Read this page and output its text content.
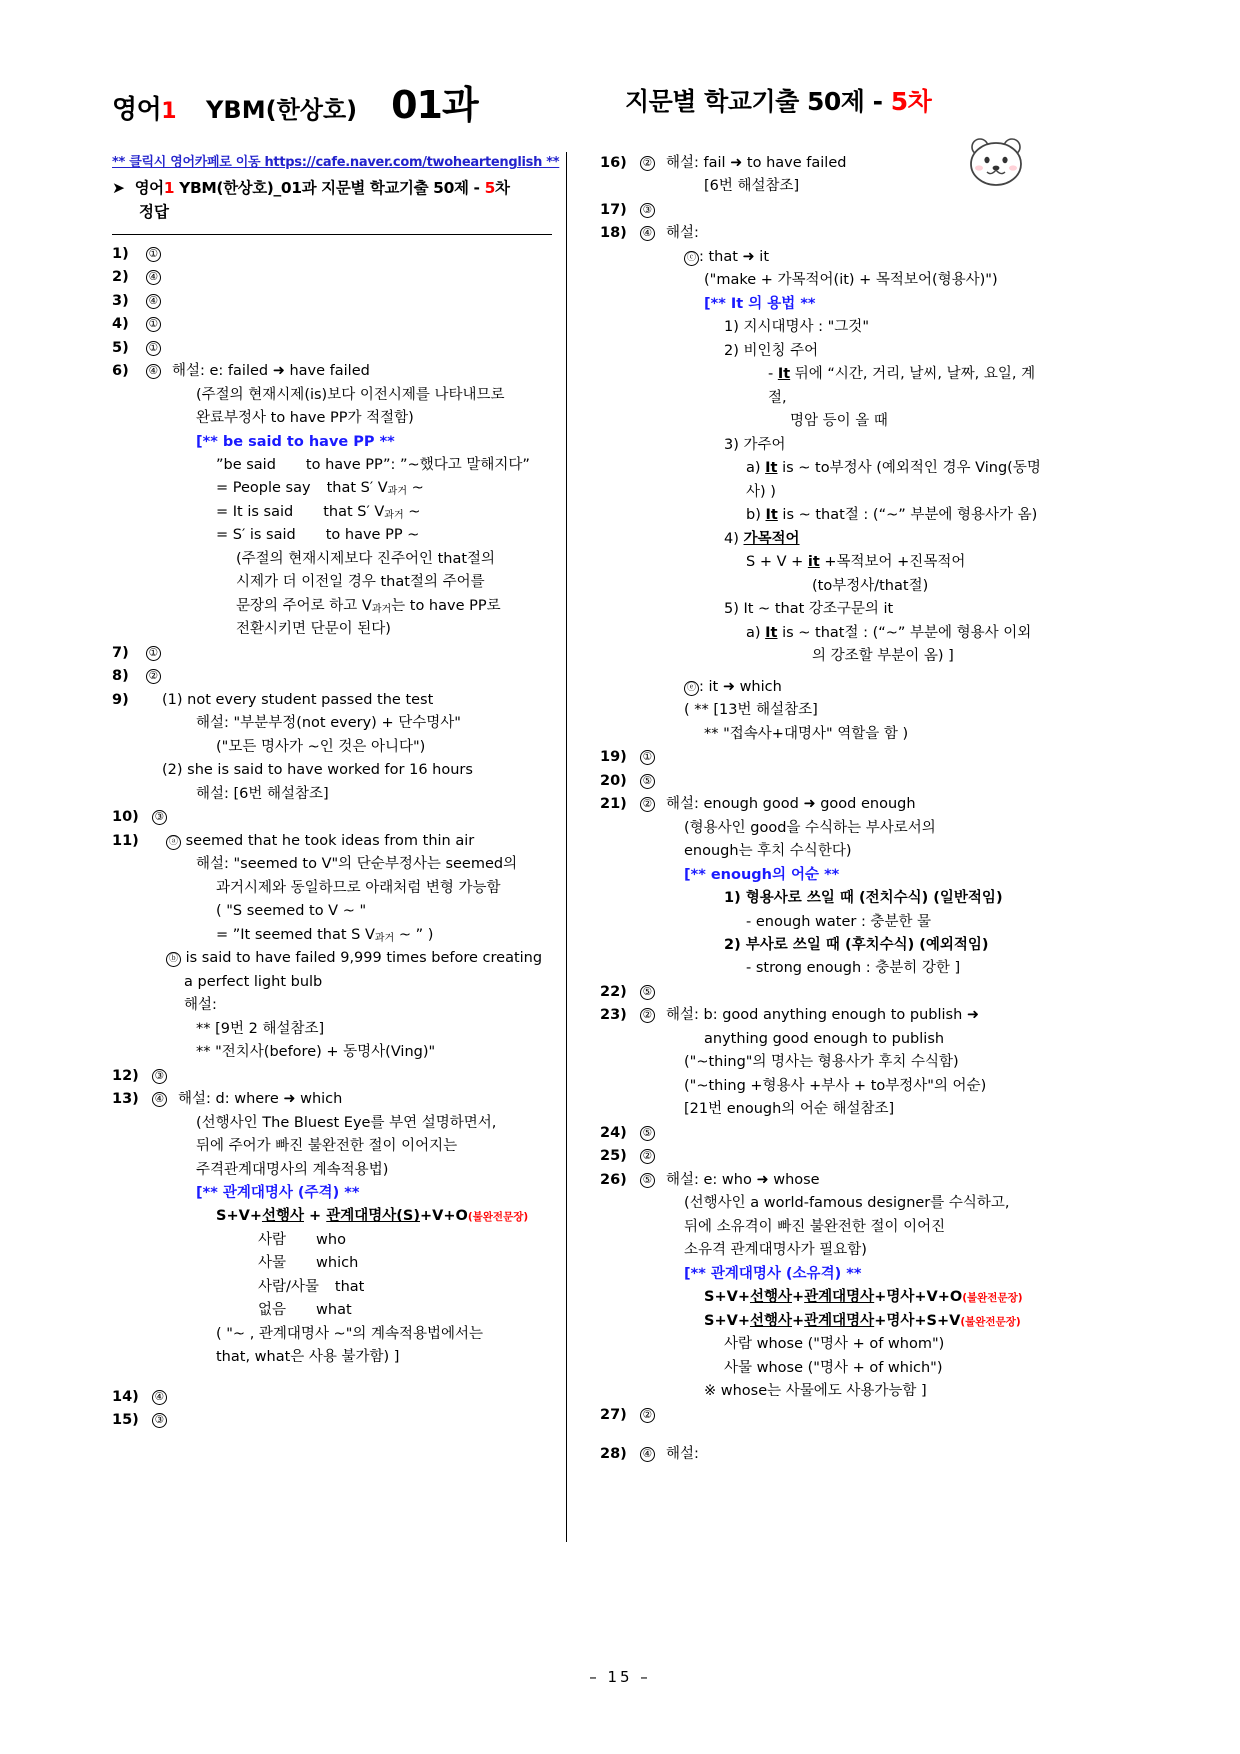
영어1 YBM(한상호) 01과	지문별 학교기출 50제 - 5차
** 클릭시 영어카페로 이동 https://cafe.naver.com/twoheartenglish **
➤ 영어1 YBM(한상호)_01과 지문별 학교기출 50제 - 5차
정답
1)	①
2)	④
3)	④
4)	①
5)	①
6)	④ 해설: e: failed ➜ have failed
(주절의 현재시제(is)보다 이전시제를 나타내므로
완료부정사 to have PP가 적절함)
[** be said to have PP **
”be said to have PP”: ”~했다고 말해지다”
= People say that S′ $V_{과거}$ ~
= It is said that S′ $V_{과거}$ ~
= S′ is said to have PP ~
(주절의 현재시제보다 진주어인 that절의
시제가 더 이전일 경우 that절의 주어를
문장의 주어로 하고 $V_{과거}$는 to have PP로
전환시키면 단문이 된다)
7)	①
8)	②
9)	(1) not every student passed the test
해설: "부분부정(not every) + 단수명사"
("모든 명사가 ~인 것은 아니다")
(2) she is said to have worked for 16 hours
해설: [6번 해설참조]
10)	③
11)	ⓐ seemed that he took ideas from thin air
해설: "seemed to V"의 단순부정사는 seemed의
과거시제와 동일하므로 아래처럼 변형 가능함
( "S seemed to V ~ "
= ”It seemed that S $V_{과거}$ ~ ” )
ⓑ is said to have failed 9,999 times before creating
a perfect light bulb
해설:
** [9번 2 해설참조]
** "전치사(before) + 동명사(Ving)"
12)	③
13)	④ 해설: d: where ➜ which
(선행사인 The Bluest Eye를 부연 설명하면서,
뒤에 주어가 빠진 불완전한 절이 이어지는
주격관계대명사의 계속적용법)
[** 관계대명사 (주격) **
S+V+선행사 + 관계대명사(S)+V+O(불완전문장)
사람 who
사물 which
사람/사물 that
없음 what
( "~ , 관계대명사 ~"의 계속적용법에서는
that, what은 사용 불가함) ]
14)	④
15)	③
16)	② 해설: fail ➜ to have failed
[6번 해설참조]
17)	③
18)	④ 해설:
ⓒ : that ➜ it
("make + 가목적어(it) + 목적보어(형용사)")
[** It 의 용법 **
1) 지시대명사 : "그것"
2) 비인칭 주어
- It 뒤에 “시간, 거리, 날씨, 날짜, 요일, 계절,
명암 등이 올 때
3) 가주어
a) It is ~ to부정사 (예외적인 경우 Ving(동명사) )
b) It is ~ that절 : (“~” 부분에 형용사가 옴)
4) 가목적어
S + V + it +목적보어 +진목적어
(to부정사/that절)
5) It ~ that 강조구문의 it
a) It is ~ that절 : (“~” 부분에 형용사 이외
의 강조할 부분이 옴) ]
ⓔ : it ➜ which
( ** [13번 해설참조]
** "접속사+대명사" 역할을 함 )
19)	①
20)	⑤
21)	② 해설: enough good ➜ good enough
(형용사인 good을 수식하는 부사로서의
enough는 후치 수식한다)
[** enough의 어순 **
1) 형용사로 쓰일 때 (전치수식) (일반적임)
- enough water : 충분한 물
2) 부사로 쓰일 때 (후치수식) (예외적임)
- strong enough : 충분히 강한 ]
22)	⑤
23)	② 해설: b: good anything enough to publish ➜
anything good enough to publish
("~thing"의 명사는 형용사가 후치 수식함)
("~thing +형용사 +부사 + to부정사"의 어순)
[21번 enough의 어순 해설참조]
24)	⑤
25)	②
26)	⑤ 해설: e: who ➜ whose
(선행사인 a world-famous designer를 수식하고,
뒤에 소유격이 빠진 불완전한 절이 이어진
소유격 관계대명사가 필요함)
[** 관계대명사 (소유격) **
S+V+선행사+관계대명사+명사+V+O(불완전문장)
S+V+선행사+관계대명사+명사+S+V(불완전문장)
사람 whose ("명사 + of whom")
사물 whose ("명사 + of which")
※ whose는 사물에도 사용가능함 ]
27)	②
28)	④ 해설:
– 15 –
